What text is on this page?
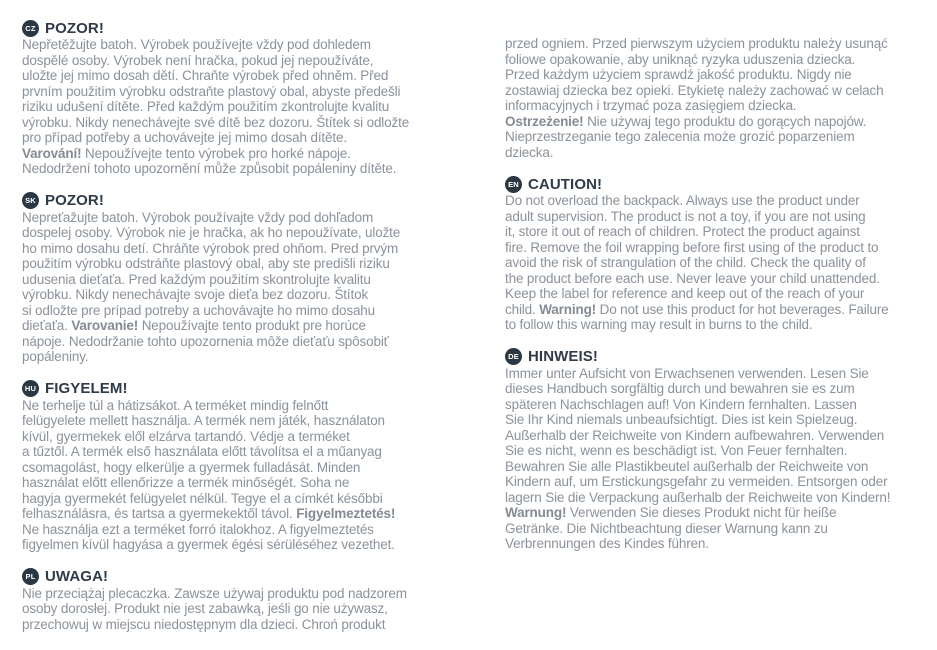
CZ POZOR!
Nepřetěžujte batoh. Výrobek používejte vždy pod dohledem
dospělé osoby. Výrobek není hračka, pokud jej nepoužíváte,
uložte jej mimo dosah dětí. Chraňte výrobek před ohněm. Před
prvním použitím výrobku odstraňte plastový obal, abyste předešli
riziku udušení dítěte. Před každým použitím zkontrolujte kvalitu
výrobku. Nikdy nenechávejte své dítě bez dozoru. Štítek si odložte
pro případ potřeby a uchovávejte jej mimo dosah dítěte.
Varování! Nepoužívejte tento výrobek pro horké nápoje.
Nedodržení tohoto upozornění může způsobit popáleniny dítěte.
SK POZOR!
Nepreťažujte batoh. Výrobok používajte vždy pod dohľadom
dospelej osoby. Výrobok nie je hračka, ak ho nepoužívate, uložte
ho mimo dosahu detí. Chráňte výrobok pred ohňom. Pred prvým
použitím výrobku odstráňte plastový obal, aby ste predišli riziku
udusenia dieťaťa. Pred každým použitím skontrolujte kvalitu
výrobku. Nikdy nenechávajte svoje dieťa bez dozoru. Štítok
si odložte pre prípad potreby a uchovávajte ho mimo dosahu
dieťaťa. Varovanie! Nepoužívajte tento produkt pre horúce
nápoje. Nedodržanie tohto upozornenia môže dieťaťu spôsobiť
popáleniny.
HU FIGYELEM!
Ne terhelje túl a hátizsákot. A terméket mindig felnőtt
felügyelete mellett használja. A termék nem játék, használaton
kívül, gyermekek elől elzárva tartandó. Védje a terméket
a tűztől. A termék első használata előtt távolítsa el a műanyag
csomagolást, hogy elkerülje a gyermek fulladását. Minden
használat előtt ellenőrizze a termék minőségét. Soha ne
hagyja gyermekét felügyelet nélkül. Tegye el a címkét későbbi
felhasználásra, és tartsa a gyermekektől távol. Figyelmeztetés!
Ne használja ezt a terméket forró italokhoz. A figyelmeztetés
figyelmen kívül hagyása a gyermek égési sérüléséhez vezethet.
PL UWAGA!
Nie przeciążaj plecaczka. Zawsze używaj produktu pod nadzorem
osoby dorosłej. Produkt nie jest zabawką, jeśli go nie używasz,
przechowuj w miejscu niedostępnym dla dzieci. Chroń produkt
przed ogniem. Przed pierwszym użyciem produktu należy usunąć
foliowe opakowanie, aby uniknąć ryzyka uduszenia dziecka.
Przed każdym użyciem sprawdź jakość produktu. Nigdy nie
zostawiaj dziecka bez opieki. Etykietę należy zachować w celach
informacyjnych i trzymać poza zasięgiem dziecka.
Ostrzeżenie! Nie używaj tego produktu do gorących napojów.
Nieprzestrzeganie tego zalecenia może grozić poparzeniem
dziecka.
EN CAUTION!
Do not overload the backpack. Always use the product under
adult supervision. The product is not a toy, if you are not using
it, store it out of reach of children. Protect the product against
fire. Remove the foil wrapping before first using of the product to
avoid the risk of strangulation of the child. Check the quality of
the product before each use. Never leave your child unattended.
Keep the label for reference and keep out of the reach of your
child. Warning! Do not use this product for hot beverages. Failure
to follow this warning may result in burns to the child.
DE HINWEIS!
Immer unter Aufsicht von Erwachsenen verwenden. Lesen Sie
dieses Handbuch sorgfältig durch und bewahren sie es zum
späteren Nachschlagen auf! Von Kindern fernhalten. Lassen
Sie Ihr Kind niemals unbeaufsichtigt. Dies ist kein Spielzeug.
Außerhalb der Reichweite von Kindern aufbewahren. Verwenden
Sie es nicht, wenn es beschädigt ist. Von Feuer fernhalten.
Bewahren Sie alle Plastikbeutel außerhalb der Reichweite von
Kindern auf, um Erstickungsgefahr zu vermeiden. Entsorgen oder
lagern Sie die Verpackung außerhalb der Reichweite von Kindern!
Warnung! Verwenden Sie dieses Produkt nicht für heiße
Getränke. Die Nichtbeachtung dieser Warnung kann zu
Verbrennungen des Kindes führen.
